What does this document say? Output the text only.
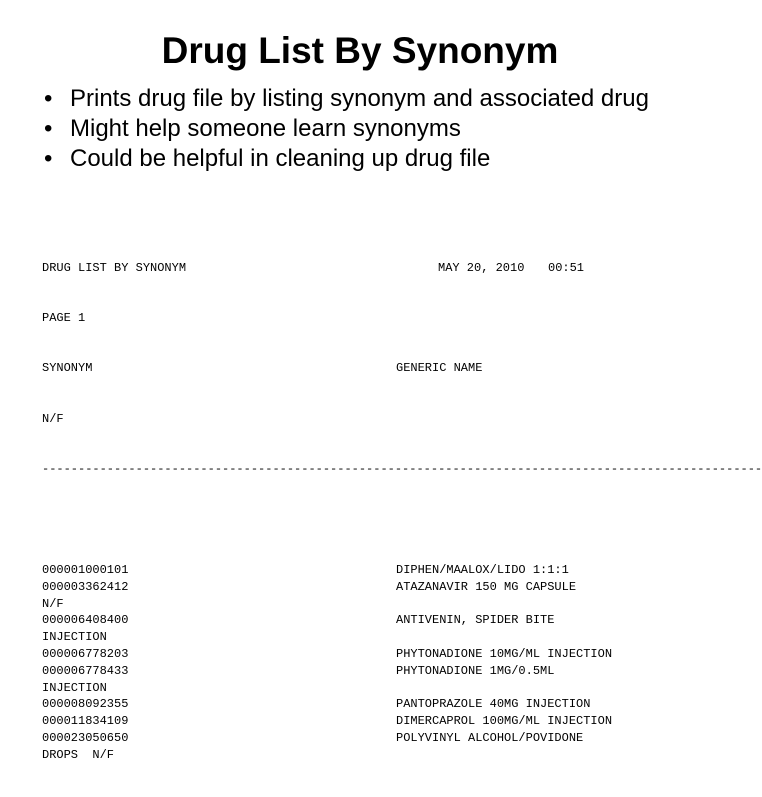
Drug List By Synonym
• Prints drug file by listing synonym and associated drug
• Might help someone learn synonyms
• Could be helpful in cleaning up drug file

DRUG LIST BY SYNONYM

	MAY 20, 2010

00:51

PAGE 1

SYNONYM

	GENERIC NAME

N/F

----------------------------------------------------------------------------------------------------

000001000101	DIPHEN/MAALOX/LIDO 1:1:1
000003362412	ATAZANAVIR 150 MG CAPSULE
N/F
000006408400	ANTIVENIN, SPIDER BITE
INJECTION
000006778203	PHYTONADIONE 10MG/ML INJECTION
000006778433	PHYTONADIONE 1MG/0.5ML
INJECTION
000008092355	PANTOPRAZOLE 40MG INJECTION
000011834109	DIMERCAPROL 100MG/ML INJECTION
000023050650	POLYVINYL ALCOHOL/POVIDONE
DROPS  N/F
